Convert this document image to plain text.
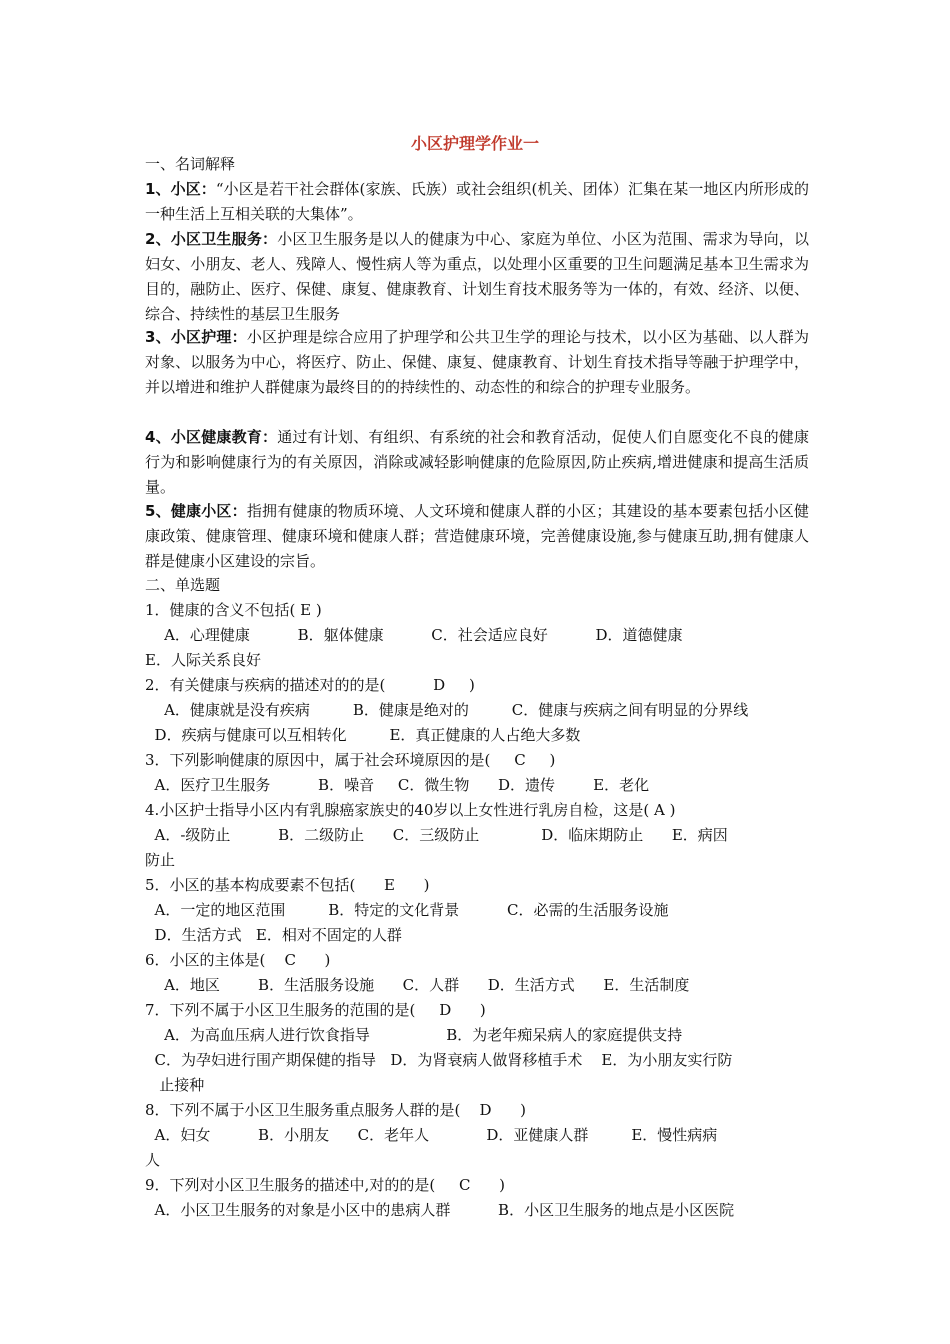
小区护理学作业一
一、名词解释
1、小区：“小区是若干社会群体(家族、氏族）或社会组织(机关、团体）汇集在某一地区内所形成的一种生活上互相关联的大集体”。
2、小区卫生服务：小区卫生服务是以人的健康为中心、家庭为单位、小区为范围、需求为导向，以妇女、小朋友、老人、残障人、慢性病人等为重点，以处理小区重要的卫生问题满足基本卫生需求为目的，融防止、医疗、保健、康复、健康教育、计划生育技术服务等为一体的，有效、经济、以便、综合、持续性的基层卫生服务
3、小区护理：小区护理是综合应用了护理学和公共卫生学的理论与技术，以小区为基础、以人群为对象、以服务为中心，将医疗、防止、保健、康复、健康教育、计划生育技术指导等融于护理学中，并以增进和维护人群健康为最终目的的持续性的、动态性的和综合的护理专业服务。
4、小区健康教育：通过有计划、有组织、有系统的社会和教育活动，促使人们自愿变化不良的健康行为和影响健康行为的有关原因，消除或减轻影响健康的危险原因,防止疾病,增进健康和提高生活质量。
5、健康小区：指拥有健康的物质环境、人文环境和健康人群的小区；其建设的基本要素包括小区健康政策、健康管理、健康环境和健康人群；营造健康环境，完善健康设施,参与健康互助,拥有健康人群是健康小区建设的宗旨。
二、单选题
1．健康的含义不包括( E )
A．心理健康          B．躯体健康          C．社会适应良好          D．道德健康
E．人际关系良好
2．有关健康与疾病的描述对的的是(          D     )
A．健康就是没有疾病         B．健康是绝对的         C．健康与疾病之间有明显的分界线
D．疾病与健康可以互相转化         E．真正健康的人占绝大多数
3．下列影响健康的原因中，属于社会环境原因的是(     C     )
A．医疗卫生服务          B．噪音     C．微生物      D．遗传        E．老化
4.小区护士指导小区内有乳腺癌家族史的40岁以上女性进行乳房自检，这是( A )
A．-级防止          B．二级防止      C．三级防止             D．临床期防止      E．病因
防止
5．小区的基本构成要素不包括(      E      )
A．一定的地区范围         B．特定的文化背景          C．必需的生活服务设施
D．生活方式   E．相对不固定的人群
6．小区的主体是(    C      )
A．地区        B．生活服务设施      C．人群      D．生活方式      E．生活制度
7．下列不属于小区卫生服务的范围的是(     D      )
A．为高血压病人进行饮食指导                B．为老年痴呆病人的家庭提供支持
C．为孕妇进行围产期保健的指导   D．为肾衰病人做肾移植手术    E．为小朋友实行防
止接种
8．下列不属于小区卫生服务重点服务人群的是(    D      )
A．妇女          B．小朋友      C．老年人            D．亚健康人群         E．慢性病病
人
9．下列对小区卫生服务的描述中,对的的是(     C      )
A．小区卫生服务的对象是小区中的患病人群          B．小区卫生服务的地点是小区医院
